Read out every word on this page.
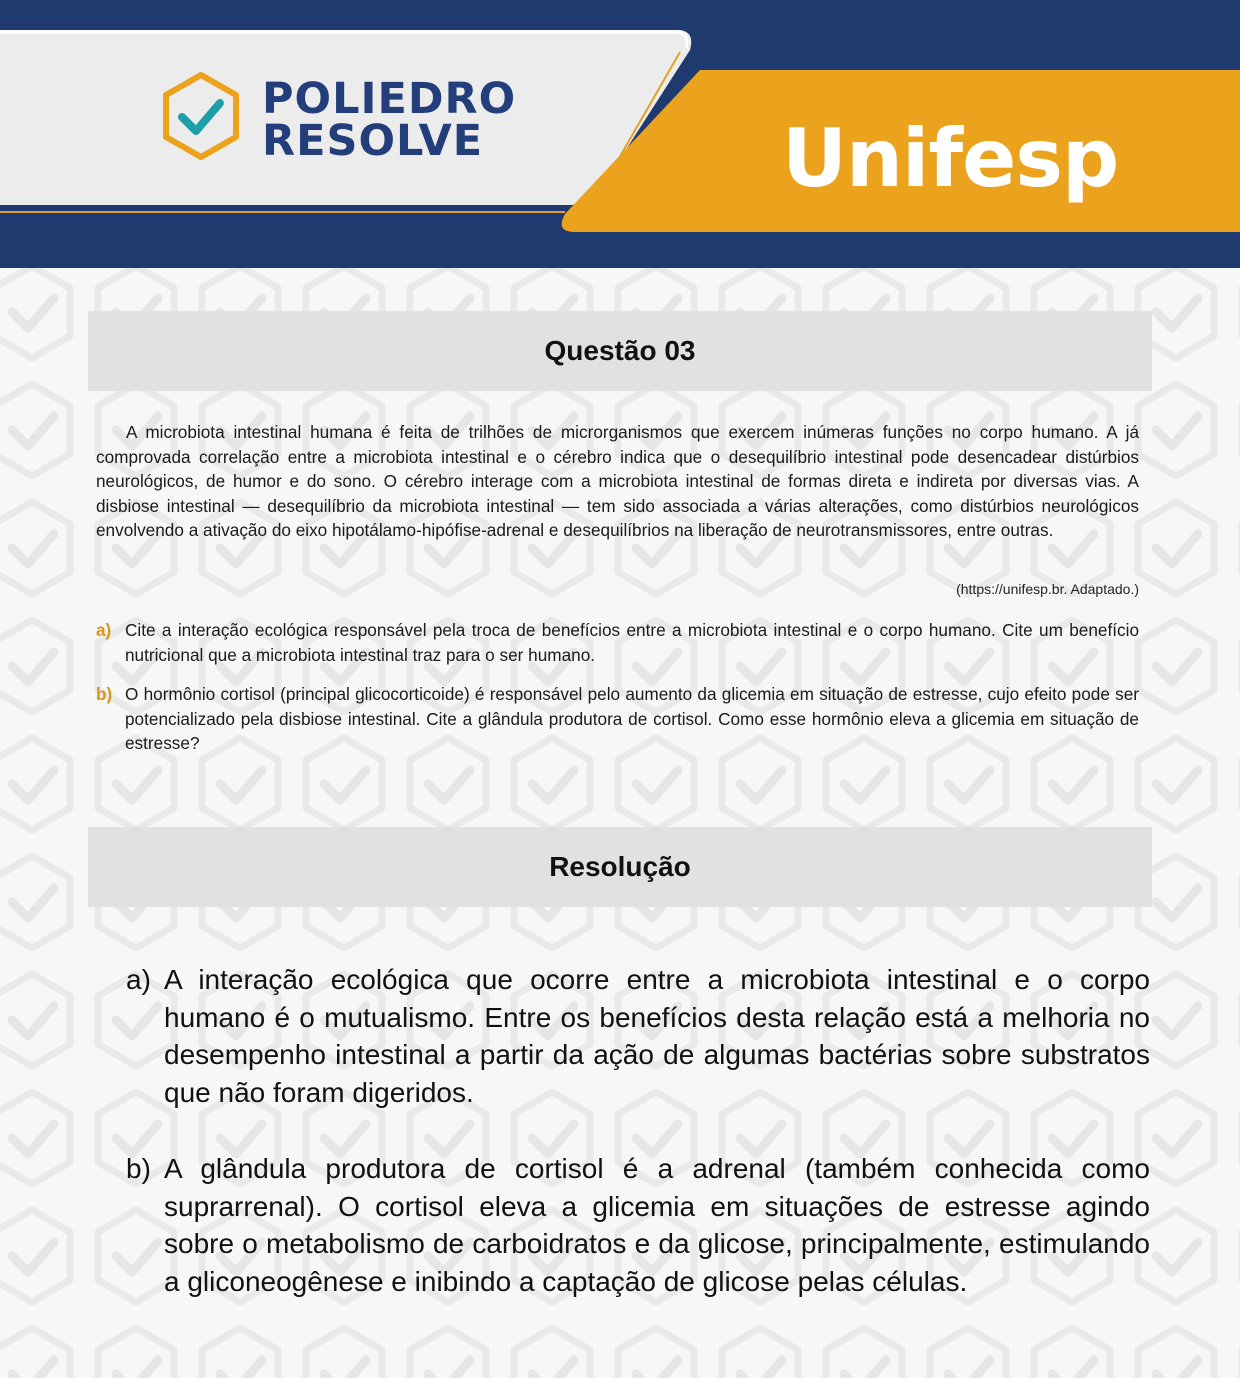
POLIEDRO
RESOLVE	Unifesp
Questão 03

A microbiota intestinal humana é feita de trilhões de microrganismos que exercem inúmeras funções no corpo humano. A já comprovada correlação entre a microbiota intestinal e o cérebro indica que o desequilíbrio intestinal pode desencadear distúrbios neurológicos, de humor e do sono. O cérebro interage com a microbiota intestinal de formas direta e indireta por diversas vias. A disbiose intestinal — desequilíbrio da microbiota intestinal — tem sido associada a várias alterações, como distúrbios neurológicos envolvendo a ativação do eixo hipotálamo-hipófise-adrenal e desequilíbrios na liberação de neurotransmissores, entre outras.

(https://unifesp.br. Adaptado.)
a) Cite a interação ecológica responsável pela troca de benefícios entre a microbiota intestinal e o corpo humano. Cite um benefício nutricional que a microbiota intestinal traz para o ser humano.
b) O hormônio cortisol (principal glicocorticoide) é responsável pelo aumento da glicemia em situação de estresse, cujo efeito pode ser potencializado pela disbiose intestinal. Cite a glândula produtora de cortisol. Como esse hormônio eleva a glicemia em situação de estresse?
Resolução
a) A interação ecológica que ocorre entre a microbiota intestinal e o corpo humano é o mutualismo. Entre os benefícios desta relação está a melhoria no desempenho intestinal a partir da ação de algumas bactérias sobre substratos que não foram digeridos.
b) A glândula produtora de cortisol é a adrenal (também conhecida como suprarrenal). O cortisol eleva a glicemia em situações de estresse agindo sobre o metabolismo de carboidratos e da glicose, principalmente, estimulando a gliconeogênese e inibindo a captação de glicose pelas células.
